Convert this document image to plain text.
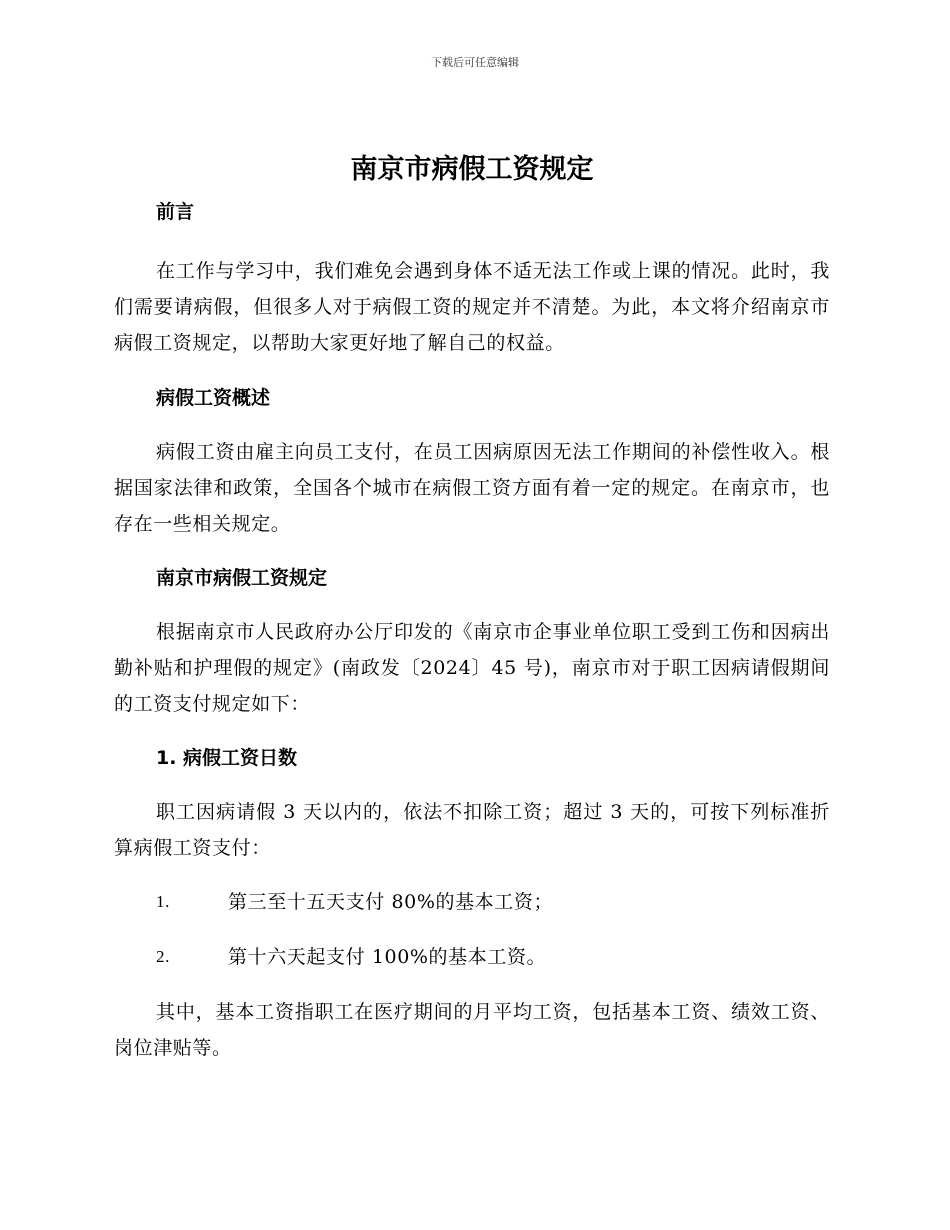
下载后可任意编辑
南京市病假工资规定
前言

在工作与学习中，我们难免会遇到身体不适无法工作或上课的情况。此时，我们需要请病假，但很多人对于病假工资的规定并不清楚。为此，本文将介绍南京市病假工资规定，以帮助大家更好地了解自己的权益。

病假工资概述

病假工资由雇主向员工支付，在员工因病原因无法工作期间的补偿性收入。根据国家法律和政策，全国各个城市在病假工资方面有着一定的规定。在南京市，也存在一些相关规定。

南京市病假工资规定

根据南京市人民政府办公厅印发的《南京市企事业单位职工受到工伤和因病出勤补贴和护理假的规定》(南政发〔2024〕45 号)，南京市对于职工因病请假期间的工资支付规定如下：

1. 病假工资日数

职工因病请假 3 天以内的，依法不扣除工资；超过 3 天的，可按下列标准折算病假工资支付：

1.	第三至十五天支付 80%的基本工资；
2.	第十六天起支付 100%的基本工资。

其中，基本工资指职工在医疗期间的月平均工资，包括基本工资、绩效工资、岗位津贴等。
